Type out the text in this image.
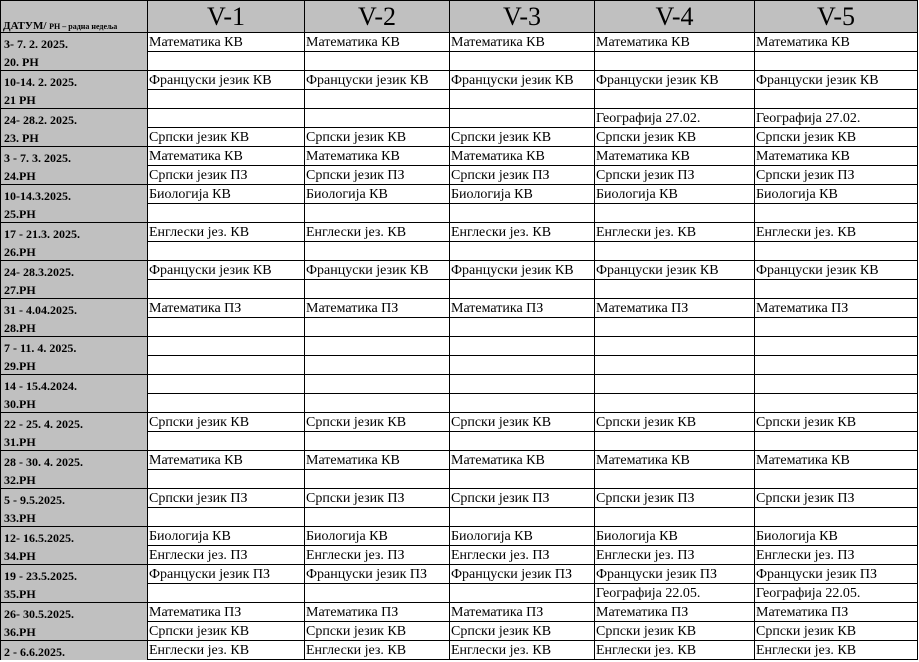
ДАТУМ/ РН – радна недеља	V-1	V-2	V-3	V-4	V-5
3- 7. 2. 2025.	Математика КВ	Математика КВ	Математика КВ	Математика КВ	Математика КВ
20. РН					
10-14. 2. 2025.	Француски језик КВ	Француски језик КВ	Француски језик КВ	Француски језик КВ	Француски језик КВ
21 РН					
24- 28.2. 2025.				Географија 27.02.	Географија 27.02.
23. РН	Српски језик КВ	Српски језик КВ	Српски језик КВ	Српски језик КВ	Српски језик КВ
3 - 7. 3. 2025.	Математика КВ	Математика КВ	Математика КВ	Математика КВ	Математика КВ
24.РН	Српски језик ПЗ	Српски језик ПЗ	Српски језик ПЗ	Српски језик ПЗ	Српски језик ПЗ
10-14.3.2025.	Биологија КВ	Биологија КВ	Биологија КВ	Биологија КВ	Биологија КВ
25.РН					
17 - 21.3. 2025.	Енглески јез. КВ	Енглески јез. КВ	Енглески јез. КВ	Енглески јез. КВ	Енглески јез. КВ
26.РН					
24- 28.3.2025.	Француски језик КВ	Француски језик КВ	Француски језик КВ	Француски језик КВ	Француски језик КВ
27.РН					
31 - 4.04.2025.	Математика ПЗ	Математика ПЗ	Математика ПЗ	Математика ПЗ	Математика ПЗ
28.РН					
7 - 11. 4. 2025.					
29.РН					
14 - 15.4.2024.					
30.РН					
22 - 25. 4. 2025.	Српски језик КВ	Српски језик КВ	Српски језик КВ	Српски језик КВ	Српски језик КВ
31.РН					
28 - 30. 4. 2025.	Математика КВ	Математика КВ	Математика КВ	Математика КВ	Математика КВ
32.РН					
5 - 9.5.2025.	Српски језик ПЗ	Српски језик ПЗ	Српски језик ПЗ	Српски језик ПЗ	Српски језик ПЗ
33.РН					
12- 16.5.2025.	Биологија КВ	Биологија КВ	Биологија КВ	Биологија КВ	Биологија КВ
34.РН	Енглески јез. ПЗ	Енглески јез. ПЗ	Енглески јез. ПЗ	Енглески јез. ПЗ	Енглески јез. ПЗ
19 - 23.5.2025.	Француски језик ПЗ	Француски језик ПЗ	Француски језик ПЗ	Француски језик ПЗ	Француски језик ПЗ
35.РН				Географија 22.05.	Географија 22.05.
26- 30.5.2025.	Математика ПЗ	Математика ПЗ	Математика ПЗ	Математика ПЗ	Математика ПЗ
36.РН	Српски језик КВ	Српски језик КВ	Српски језик КВ	Српски језик КВ	Српски језик КВ
2 - 6.6.2025.	Енглески јез. КВ	Енглески јез. КВ	Енглески јез. КВ	Енглески јез. КВ	Енглески јез. КВ
